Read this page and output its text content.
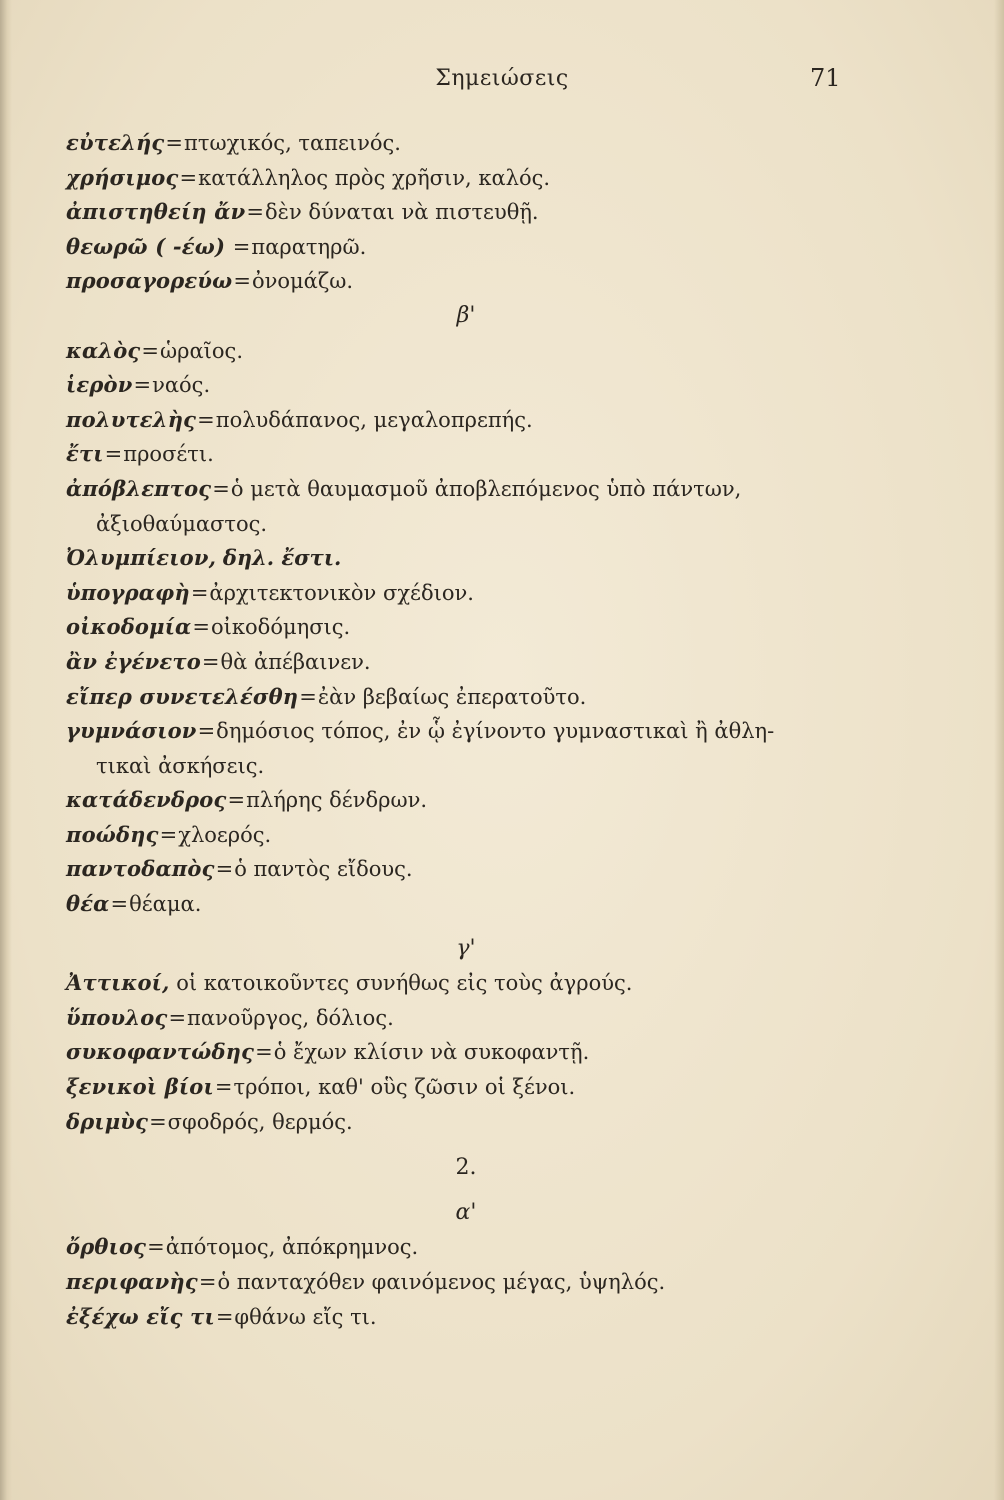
Σημειώσεις	71
εὐτελής=πτωχικός, ταπεινός.
χρήσιμος=κατάλληλος πρὸς χρῆσιν, καλός.
ἀπιστηθείη ἄν=δὲν δύναται νὰ πιστευθῇ.
θεωρῶ ( -έω) =παρατηρῶ.
προσαγορεύω=ὀνομάζω.
β'
καλὸς=ὡραῖος.
ἱερὸν=ναός.
πολυτελὴς=πολυδάπανος, μεγαλοπρεπής.
ἔτι=προσέτι.
ἀπόβλεπτος=ὁ μετὰ θαυμασμοῦ ἀποβλεπόμενος ὑπὸ πάντων,
ἀξιοθαύμαστος.
Ὀλυμπίειον, δηλ. ἔστι.
ὑπογραφὴ=ἀρχιτεκτονικὸν σχέδιον.
οἰκοδομία=οἰκοδόμησις.
ἂν ἐγένετο=θὰ ἀπέβαινεν.
εἴπερ συνετελέσθη=ἐὰν βεβαίως ἐπερατοῦτο.
γυμνάσιον=δημόσιος τόπος, ἐν ᾧ ἐγίνοντο γυμναστικαὶ ἢ ἀθλη-
τικαὶ ἀσκήσεις.
κατάδενδρος=πλήρης δένδρων.
ποώδης=χλοερός.
παντοδαπὸς=ὁ παντὸς εἴδους.
θέα=θέαμα.
γ'
Ἀττικοί, οἱ κατοικοῦντες συνήθως εἰς τοὺς ἀγρούς.
ὕπουλος=πανοῦργος, δόλιος.
συκοφαντώδης=ὁ ἔχων κλίσιν νὰ συκοφαντῇ.
ξενικοὶ βίοι=τρόποι, καθ' οὓς ζῶσιν οἱ ξένοι.
δριμὺς=σφοδρός, θερμός.
2.
α'
ὄρθιος=ἀπότομος, ἀπόκρημνος.
περιφανὴς=ὁ πανταχόθεν φαινόμενος μέγας, ὑψηλός.
ἐξέχω εἴς τι=φθάνω εἴς τι.
